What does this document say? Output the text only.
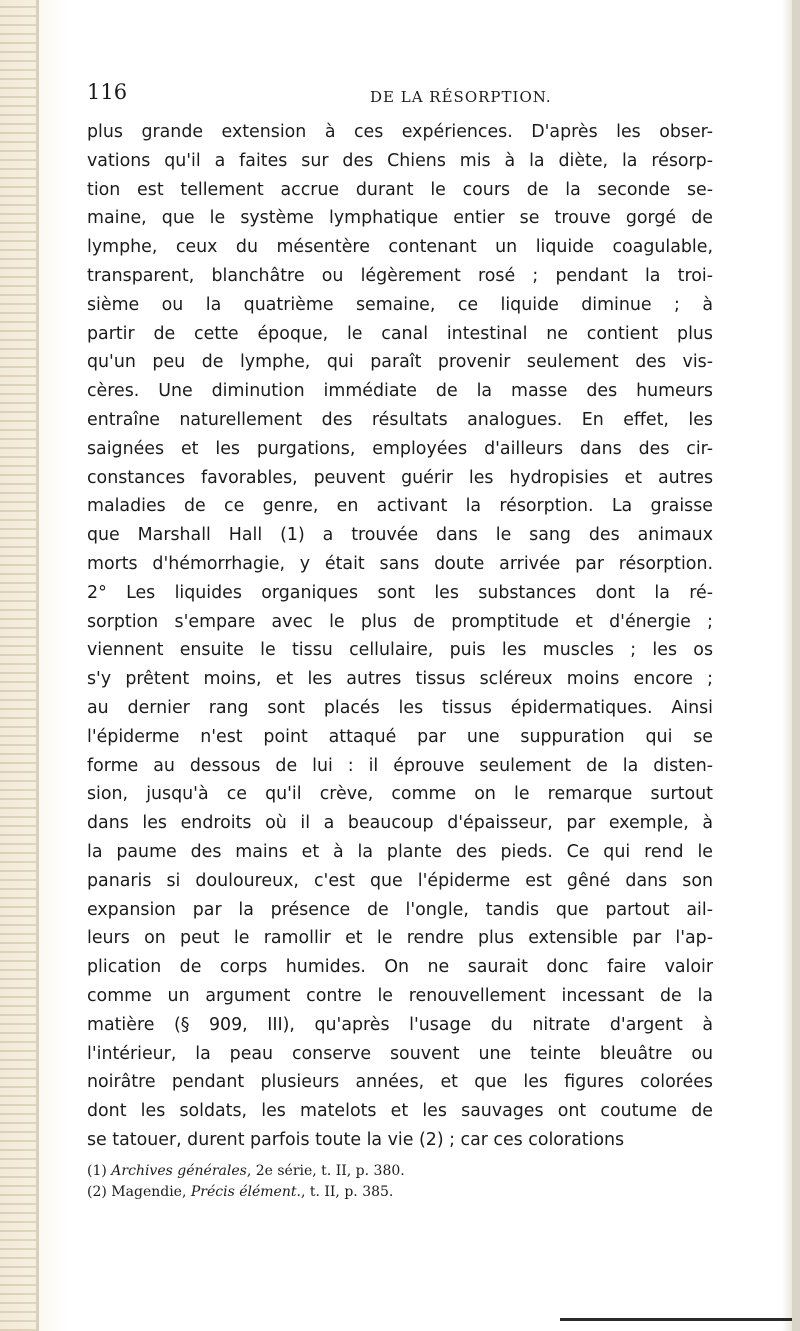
116	DE LA RÉSORPTION.
plus grande extension à ces expériences. D'après les obser-
vations qu'il a faites sur des Chiens mis à la diète, la résorp-
tion est tellement accrue durant le cours de la seconde se-
maine, que le système lymphatique entier se trouve gorgé de
lymphe, ceux du mésentère contenant un liquide coagulable,
transparent, blanchâtre ou légèrement rosé ; pendant la troi-
sième ou la quatrième semaine, ce liquide diminue ; à
partir de cette époque, le canal intestinal ne contient plus
qu'un peu de lymphe, qui paraît provenir seulement des vis-
cères. Une diminution immédiate de la masse des humeurs
entraîne naturellement des résultats analogues. En effet, les
saignées et les purgations, employées d'ailleurs dans des cir-
constances favorables, peuvent guérir les hydropisies et autres
maladies de ce genre, en activant la résorption. La graisse
que Marshall Hall (1) a trouvée dans le sang des animaux
morts d'hémorrhagie, y était sans doute arrivée par résorption.
2° Les liquides organiques sont les substances dont la ré-
sorption s'empare avec le plus de promptitude et d'énergie ;
viennent ensuite le tissu cellulaire, puis les muscles ; les os
s'y prêtent moins, et les autres tissus scléreux moins encore ;
au dernier rang sont placés les tissus épidermatiques. Ainsi
l'épiderme n'est point attaqué par une suppuration qui se
forme au dessous de lui : il éprouve seulement de la disten-
sion, jusqu'à ce qu'il crève, comme on le remarque surtout
dans les endroits où il a beaucoup d'épaisseur, par exemple, à
la paume des mains et à la plante des pieds. Ce qui rend le
panaris si douloureux, c'est que l'épiderme est gêné dans son
expansion par la présence de l'ongle, tandis que partout ail-
leurs on peut le ramollir et le rendre plus extensible par l'ap-
plication de corps humides. On ne saurait donc faire valoir
comme un argument contre le renouvellement incessant de la
matière (§ 909, III), qu'après l'usage du nitrate d'argent à
l'intérieur, la peau conserve souvent une teinte bleuâtre ou
noirâtre pendant plusieurs années, et que les figures colorées
dont les soldats, les matelots et les sauvages ont coutume de
se tatouer, durent parfois toute la vie (2) ; car ces colorations
(1) Archives générales, 2e série, t. II, p. 380.
(2) Magendie, Précis élément., t. II, p. 385.
